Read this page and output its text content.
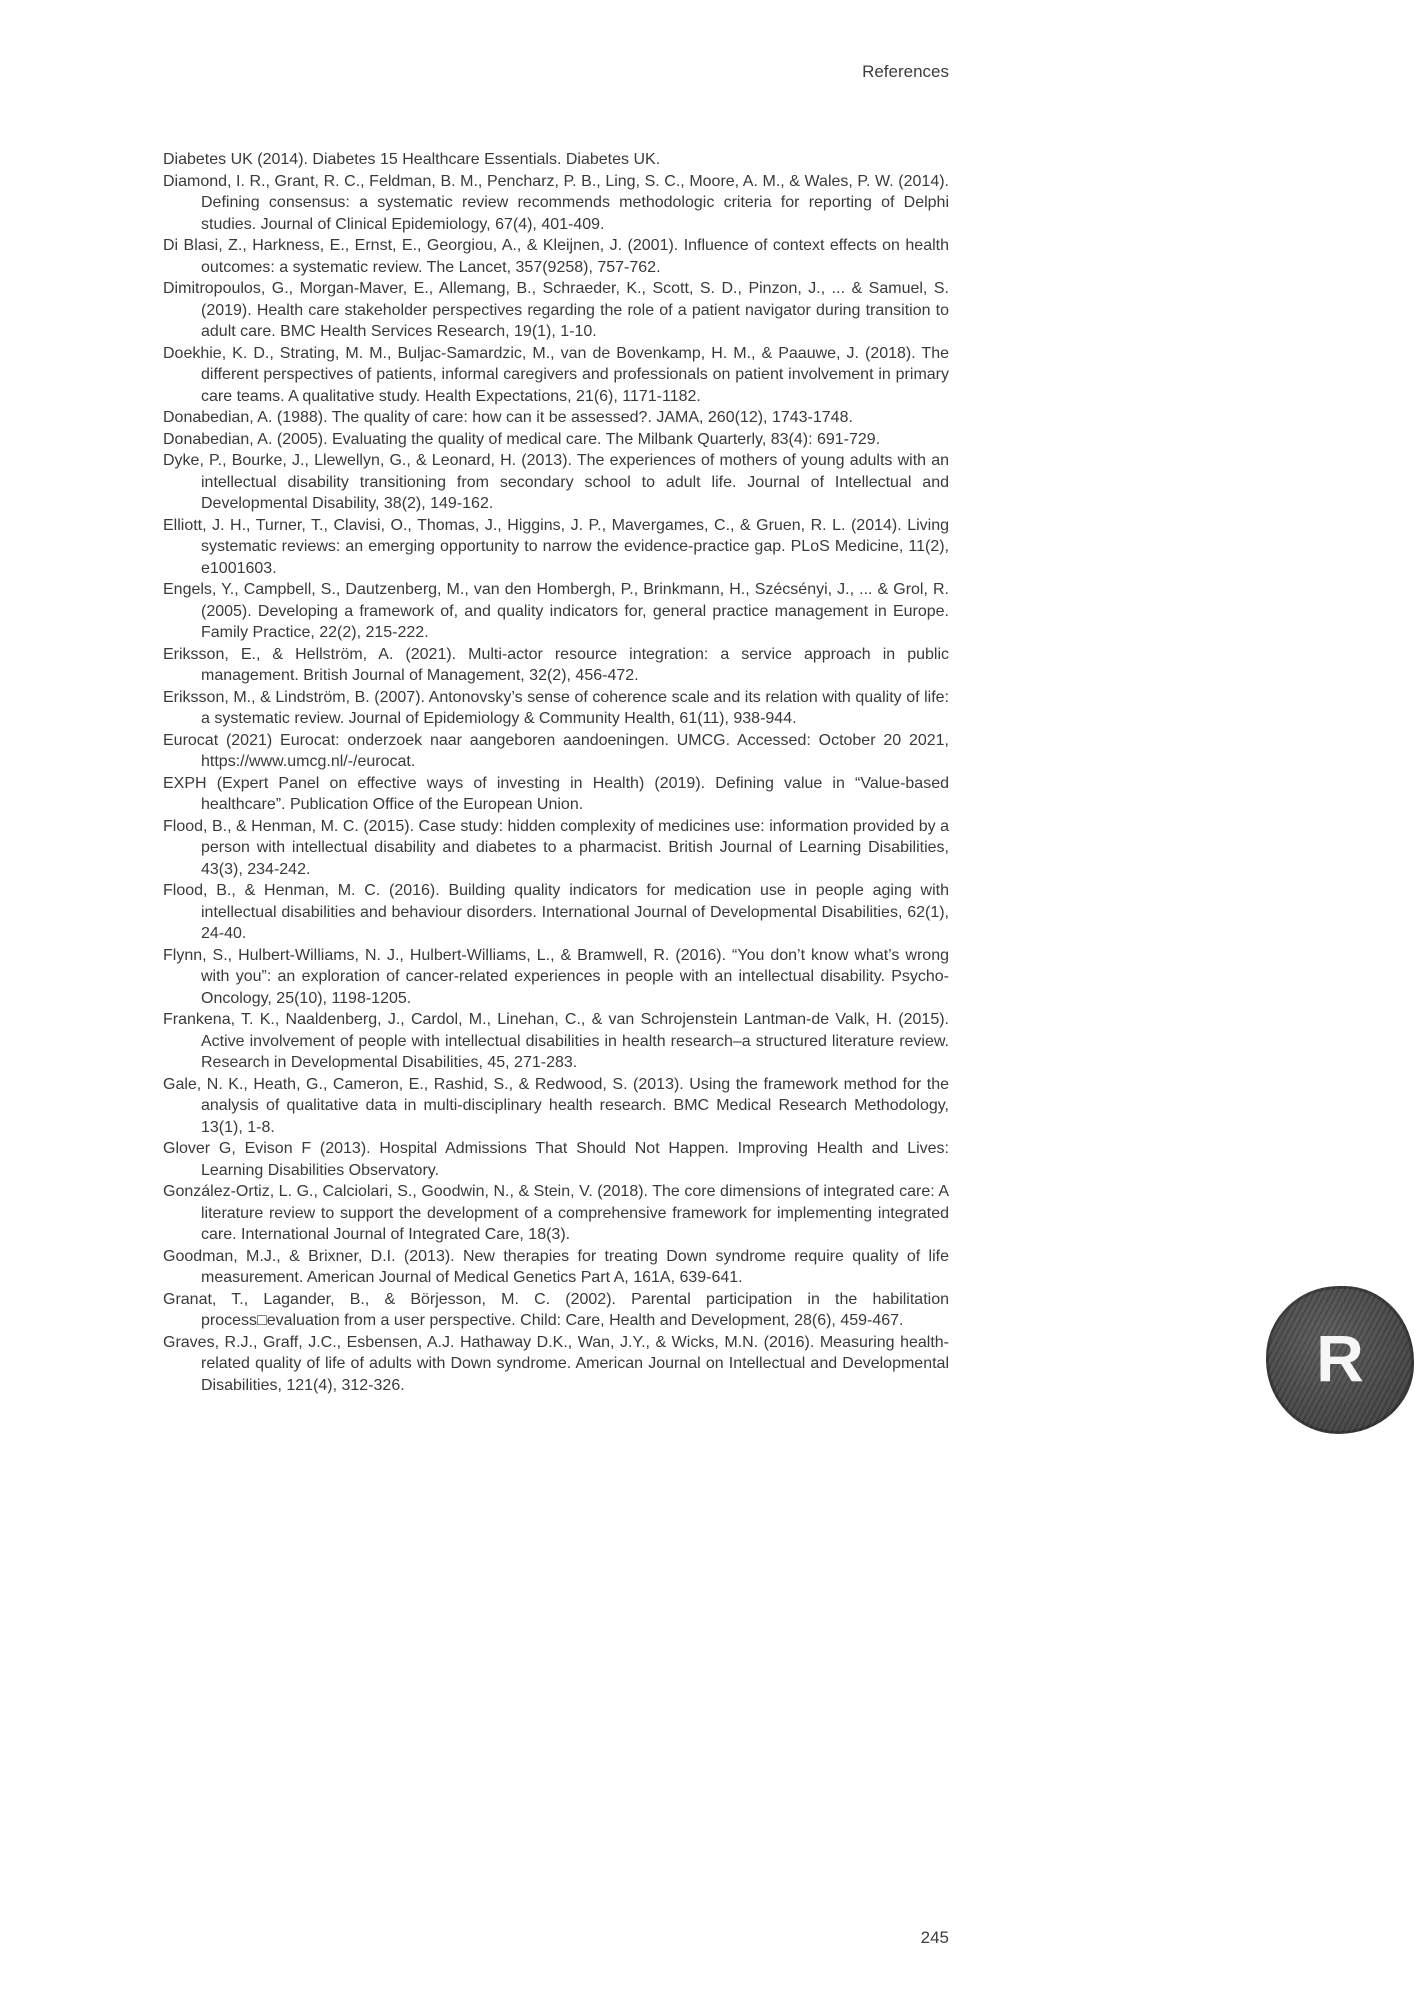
References

Diabetes UK (2014). Diabetes 15 Healthcare Essentials. Diabetes UK.

Diamond, I. R., Grant, R. C., Feldman, B. M., Pencharz, P. B., Ling, S. C., Moore, A. M., & Wales, P. W. (2014). Defining consensus: a systematic review recommends methodologic criteria for reporting of Delphi studies. Journal of Clinical Epidemiology, 67(4), 401-409.

Di Blasi, Z., Harkness, E., Ernst, E., Georgiou, A., & Kleijnen, J. (2001). Influence of context effects on health outcomes: a systematic review. The Lancet, 357(9258), 757-762.

Dimitropoulos, G., Morgan-Maver, E., Allemang, B., Schraeder, K., Scott, S. D., Pinzon, J., ... & Samuel, S. (2019). Health care stakeholder perspectives regarding the role of a patient navigator during transition to adult care. BMC Health Services Research, 19(1), 1-10.

Doekhie, K. D., Strating, M. M., Buljac-Samardzic, M., van de Bovenkamp, H. M., & Paauwe, J. (2018). The different perspectives of patients, informal caregivers and professionals on patient involvement in primary care teams. A qualitative study. Health Expectations, 21(6), 1171-1182.

Donabedian, A. (1988). The quality of care: how can it be assessed?. JAMA, 260(12), 1743-1748.

Donabedian, A. (2005). Evaluating the quality of medical care. The Milbank Quarterly, 83(4): 691-729.

Dyke, P., Bourke, J., Llewellyn, G., & Leonard, H. (2013). The experiences of mothers of young adults with an intellectual disability transitioning from secondary school to adult life. Journal of Intellectual and Developmental Disability, 38(2), 149-162.

Elliott, J. H., Turner, T., Clavisi, O., Thomas, J., Higgins, J. P., Mavergames, C., & Gruen, R. L. (2014). Living systematic reviews: an emerging opportunity to narrow the evidence-practice gap. PLoS Medicine, 11(2), e1001603.

Engels, Y., Campbell, S., Dautzenberg, M., van den Hombergh, P., Brinkmann, H., Szécsényi, J., ... & Grol, R. (2005). Developing a framework of, and quality indicators for, general practice management in Europe. Family Practice, 22(2), 215-222.

Eriksson, E., & Hellström, A. (2021). Multi-actor resource integration: a service approach in public management. British Journal of Management, 32(2), 456-472.

Eriksson, M., & Lindström, B. (2007). Antonovsky’s sense of coherence scale and its relation with quality of life: a systematic review. Journal of Epidemiology & Community Health, 61(11), 938-944.

Eurocat (2021) Eurocat: onderzoek naar aangeboren aandoeningen. UMCG. Accessed: October 20 2021, https://www.umcg.nl/-/eurocat.

EXPH (Expert Panel on effective ways of investing in Health) (2019). Defining value in “Value-based healthcare”. Publication Office of the European Union.

Flood, B., & Henman, M. C. (2015). Case study: hidden complexity of medicines use: information provided by a person with intellectual disability and diabetes to a pharmacist. British Journal of Learning Disabilities, 43(3), 234-242.

Flood, B., & Henman, M. C. (2016). Building quality indicators for medication use in people aging with intellectual disabilities and behaviour disorders. International Journal of Developmental Disabilities, 62(1), 24-40.

Flynn, S., Hulbert-Williams, N. J., Hulbert-Williams, L., & Bramwell, R. (2016). “You don’t know what’s wrong with you”: an exploration of cancer-related experiences in people with an intellectual disability. Psycho-Oncology, 25(10), 1198-1205.

Frankena, T. K., Naaldenberg, J., Cardol, M., Linehan, C., & van Schrojenstein Lantman-de Valk, H. (2015). Active involvement of people with intellectual disabilities in health research–a structured literature review. Research in Developmental Disabilities, 45, 271-283.

Gale, N. K., Heath, G., Cameron, E., Rashid, S., & Redwood, S. (2013). Using the framework method for the analysis of qualitative data in multi-disciplinary health research. BMC Medical Research Methodology, 13(1), 1-8.

Glover G, Evison F (2013). Hospital Admissions That Should Not Happen. Improving Health and Lives: Learning Disabilities Observatory.

González-Ortiz, L. G., Calciolari, S., Goodwin, N., & Stein, V. (2018). The core dimensions of integrated care: A literature review to support the development of a comprehensive framework for implementing integrated care. International Journal of Integrated Care, 18(3).

Goodman, M.J., & Brixner, D.I. (2013). New therapies for treating Down syndrome require quality of life measurement. American Journal of Medical Genetics Part A, 161A, 639-641.

Granat, T., Lagander, B., & Börjesson, M. C. (2002). Parental participation in the habilitation process□evaluation from a user perspective. Child: Care, Health and Development, 28(6), 459-467.

Graves, R.J., Graff, J.C., Esbensen, A.J. Hathaway D.K., Wan, J.Y., & Wicks, M.N. (2016). Measuring health-related quality of life of adults with Down syndrome. American Journal on Intellectual and Developmental Disabilities, 121(4), 312-326.	R
245
